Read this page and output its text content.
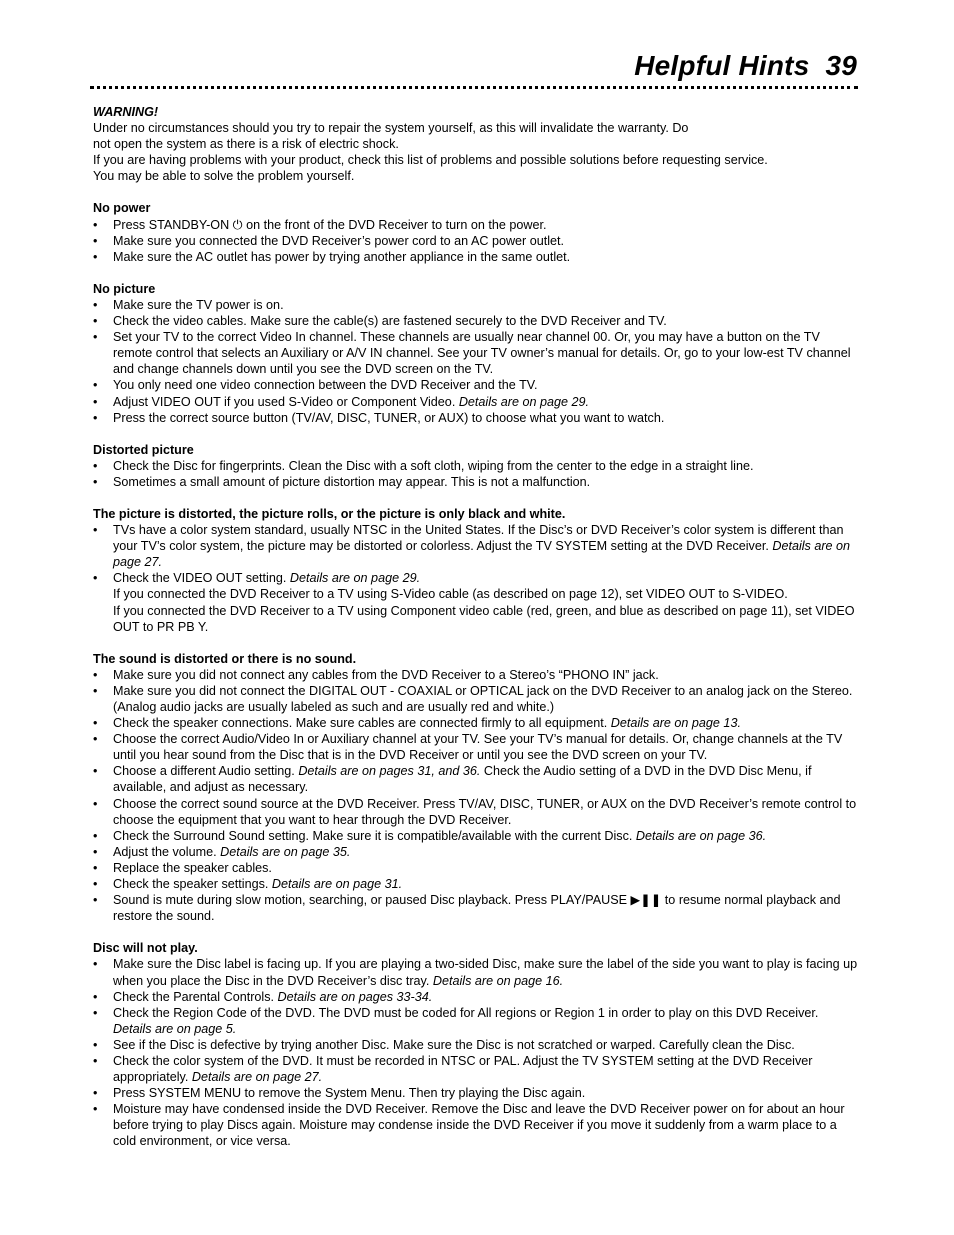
Helpful Hints 39
WARNING!
Under no circumstances should you try to repair the system yourself, as this will invalidate the warranty. Do
not open the system as there is a risk of electric shock.
If you are having problems with your product, check this list of problems and possible solutions before requesting service.
You may be able to solve the problem yourself.
No power
• Press STANDBY-ON ⏻ on the front of the DVD Receiver to turn on the power.
• Make sure you connected the DVD Receiver’s power cord to an AC power outlet.
• Make sure the AC outlet has power by trying another appliance in the same outlet.
No picture
• Make sure the TV power is on.
• Check the video cables. Make sure the cable(s) are fastened securely to the DVD Receiver and TV.
• Set your TV to the correct Video In channel. These channels are usually near channel 00. Or, you may have a button on the TV remote control that selects an Auxiliary or A/V IN channel. See your TV owner’s manual for details. Or, go to your low-est TV channel and change channels down until you see the DVD screen on the TV.
• You only need one video connection between the DVD Receiver and the TV.
• Adjust VIDEO OUT if you used S-Video or Component Video. Details are on page 29.
• Press the correct source button (TV/AV, DISC, TUNER, or AUX) to choose what you want to watch.
Distorted picture
• Check the Disc for fingerprints. Clean the Disc with a soft cloth, wiping from the center to the edge in a straight line.
• Sometimes a small amount of picture distortion may appear. This is not a malfunction.
The picture is distorted, the picture rolls, or the picture is only black and white.
• TVs have a color system standard, usually NTSC in the United States. If the Disc’s or DVD Receiver’s color system is different than your TV’s color system, the picture may be distorted or colorless. Adjust the TV SYSTEM setting at the DVD Receiver. Details are on page 27.
• Check the VIDEO OUT setting. Details are on page 29.
If you connected the DVD Receiver to a TV using S-Video cable (as described on page 12), set VIDEO OUT to S-VIDEO.
If you connected the DVD Receiver to a TV using Component video cable (red, green, and blue as described on page 11), set VIDEO OUT to PR PB Y.
The sound is distorted or there is no sound.
• Make sure you did not connect any cables from the DVD Receiver to a Stereo’s “PHONO IN” jack.
• Make sure you did not connect the DIGITAL OUT - COAXIAL or OPTICAL jack on the DVD Receiver to an analog jack on the Stereo. (Analog audio jacks are usually labeled as such and are usually red and white.)
• Check the speaker connections. Make sure cables are connected firmly to all equipment. Details are on page 13.
• Choose the correct Audio/Video In or Auxiliary channel at your TV. See your TV’s manual for details. Or, change channels at the TV until you hear sound from the Disc that is in the DVD Receiver or until you see the DVD screen on your TV.
• Choose a different Audio setting. Details are on pages 31, and 36. Check the Audio setting of a DVD in the DVD Disc Menu, if available, and adjust as necessary.
• Choose the correct sound source at the DVD Receiver. Press TV/AV, DISC, TUNER, or AUX on the DVD Receiver’s remote control to choose the equipment that you want to hear through the DVD Receiver.
• Check the Surround Sound setting. Make sure it is compatible/available with the current Disc. Details are on page 36.
• Adjust the volume. Details are on page 35.
• Replace the speaker cables.
• Check the speaker settings. Details are on page 31.
• Sound is mute during slow motion, searching, or paused Disc playback. Press PLAY/PAUSE ▶❚❚ to resume normal playback and restore the sound.
Disc will not play.
• Make sure the Disc label is facing up. If you are playing a two-sided Disc, make sure the label of the side you want to play is facing up when you place the Disc in the DVD Receiver’s disc tray. Details are on page 16.
• Check the Parental Controls. Details are on pages 33-34.
• Check the Region Code of the DVD. The DVD must be coded for All regions or Region 1 in order to play on this DVD Receiver. Details are on page 5.
• See if the Disc is defective by trying another Disc. Make sure the Disc is not scratched or warped. Carefully clean the Disc.
• Check the color system of the DVD. It must be recorded in NTSC or PAL. Adjust the TV SYSTEM setting at the DVD Receiver appropriately. Details are on page 27.
• Press SYSTEM MENU to remove the System Menu. Then try playing the Disc again.
• Moisture may have condensed inside the DVD Receiver. Remove the Disc and leave the DVD Receiver power on for about an hour before trying to play Discs again. Moisture may condense inside the DVD Receiver if you move it suddenly from a warm place to a cold environment, or vice versa.
